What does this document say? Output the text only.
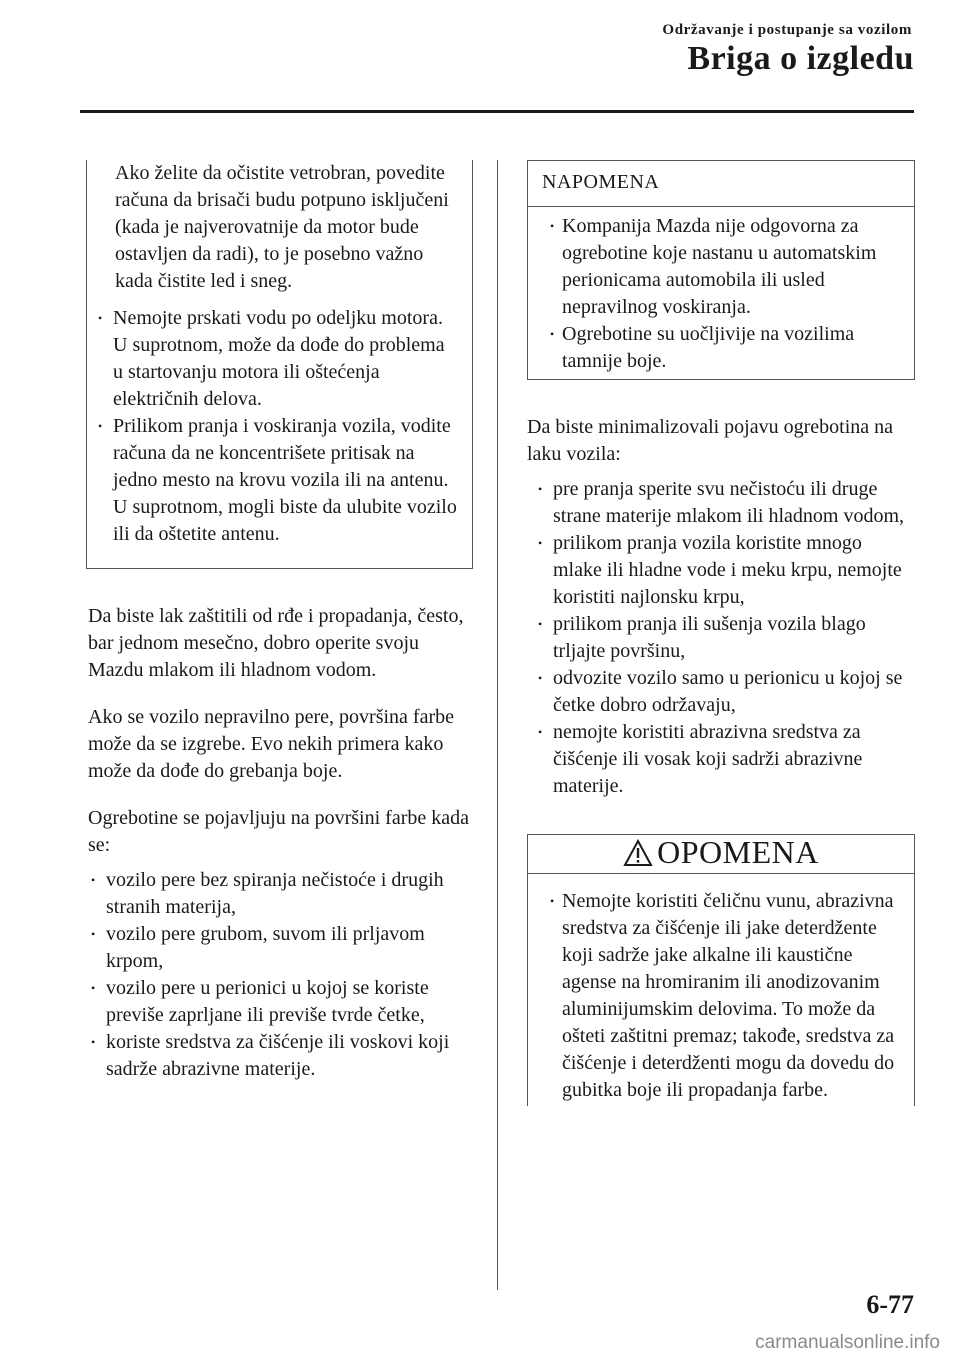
Održavanje i postupanje sa vozilom
Briga o izgledu

Ako želite da očistite vetrobran, povedite računa da brisači budu potpuno isključeni (kada je najverovatnije da motor bude ostavljen da radi), to je posebno važno kada čistite led i sneg.

• Nemojte prskati vodu po odeljku motora. U suprotnom, može da dođe do problema u startovanju motora ili oštećenja električnih delova.
• Prilikom pranja i voskiranja vozila, vodite računa da ne koncentrišete pritisak na jedno mesto na krovu vozila ili na antenu. U suprotnom, mogli biste da ulubite vozilo ili da oštetite antenu.

Da biste lak zaštitili od rđe i propadanja, često, bar jednom mesečno, dobro operite svoju Mazdu mlakom ili hladnom vodom.

Ako se vozilo nepravilno pere, površina farbe može da se izgrebe. Evo nekih primera kako može da dođe do grebanja boje.

Ogrebotine se pojavljuju na površini farbe kada se:

• vozilo pere bez spiranja nečistoće i drugih stranih materija,
• vozilo pere grubom, suvom ili prljavom krpom,
• vozilo pere u perionici u kojoj se koriste previše zaprljane ili previše tvrde četke,
• koriste sredstva za čišćenje ili voskovi koji sadrže abrazivne materije.
NAPOMENA
• Kompanija Mazda nije odgovorna za ogrebotine koje nastanu u automatskim perionicama automobila ili usled nepravilnog voskiranja.
• Ogrebotine su uočljivije na vozilima tamnije boje.

Da biste minimalizovali pojavu ogrebotina na laku vozila:

• pre pranja sperite svu nečistoću ili druge strane materije mlakom ili hladnom vodom,
• prilikom pranja vozila koristite mnogo mlake ili hladne vode i meku krpu, nemojte koristiti najlonsku krpu,
• prilikom pranja ili sušenja vozila blago trljajte površinu,
• odvozite vozilo samo u perionicu u kojoj se četke dobro održavaju,
• nemojte koristiti abrazivna sredstva za čišćenje ili vosak koji sadrži abrazivne materije.
OPOMENA
• Nemojte koristiti čeličnu vunu, abrazivna sredstva za čišćenje ili jake deterdžente koji sadrže jake alkalne ili kaustične agense na hromiranim ili anodizovanim aluminijumskim delovima. To može da ošteti zaštitni premaz; takođe, sredstva za čišćenje i deterdženti mogu da dovedu do gubitka boje ili propadanja farbe.
6-77
carmanualsonline.info
